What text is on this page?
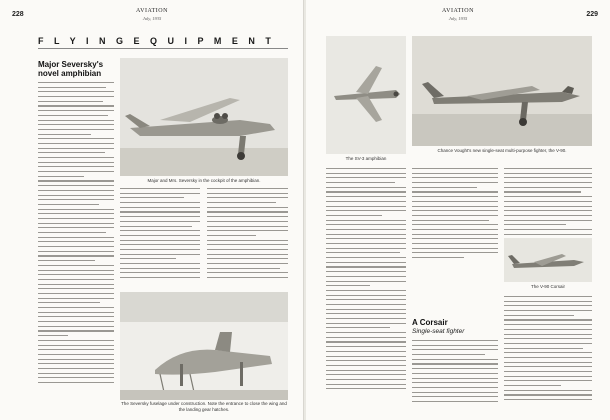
228	AVIATION
July, 1935
F L Y I N G E Q U I P M E N T
Major Seversky's novel amphibian
Major and Mrs. Seversky in the cockpit of the amphibian.
The Seversky fuselage under construction. Note the entrance to close the wing and the landing gear hatches.
229
AVIATION
July, 1935
The SV-3 amphibian
Chance Vought's new single-seat multi-purpose fighter, the V-90.
A Corsair
Single-seat fighter
The V-90 Corsair
